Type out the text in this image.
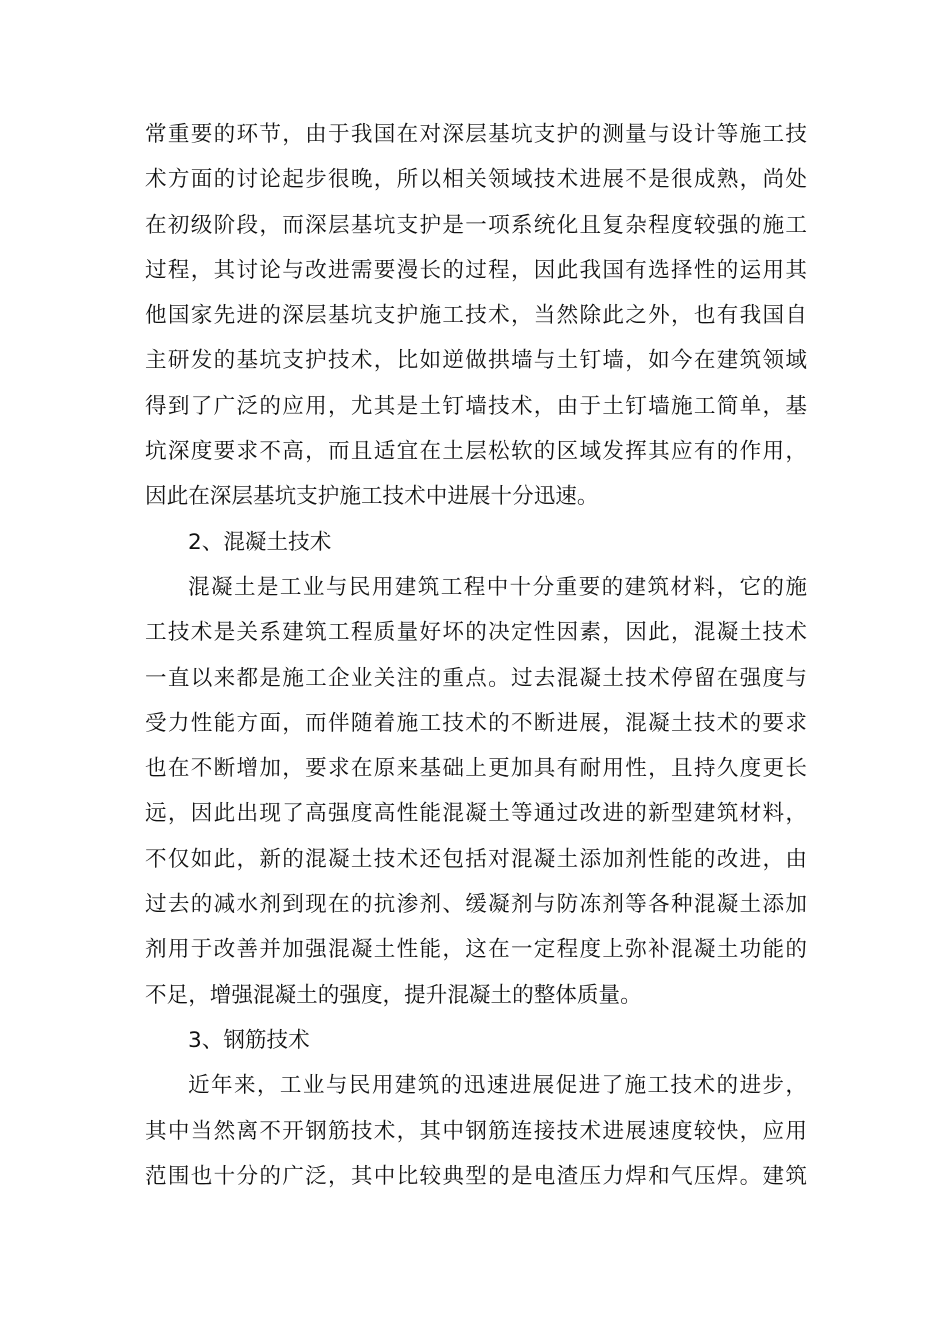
常重要的环节，由于我国在对深层基坑支护的测量与设计等施工技
术方面的讨论起步很晚，所以相关领域技术进展不是很成熟，尚处
在初级阶段，而深层基坑支护是一项系统化且复杂程度较强的施工
过程，其讨论与改进需要漫长的过程，因此我国有选择性的运用其
他国家先进的深层基坑支护施工技术，当然除此之外，也有我国自
主研发的基坑支护技术，比如逆做拱墙与土钉墙，如今在建筑领域
得到了广泛的应用，尤其是土钉墙技术，由于土钉墙施工简单，基
坑深度要求不高，而且适宜在土层松软的区域发挥其应有的作用，
因此在深层基坑支护施工技术中进展十分迅速。
2、混凝土技术
混凝土是工业与民用建筑工程中十分重要的建筑材料，它的施
工技术是关系建筑工程质量好坏的决定性因素，因此，混凝土技术
一直以来都是施工企业关注的重点。过去混凝土技术停留在强度与
受力性能方面，而伴随着施工技术的不断进展，混凝土技术的要求
也在不断增加，要求在原来基础上更加具有耐用性，且持久度更长
远，因此出现了高强度高性能混凝土等通过改进的新型建筑材料，
不仅如此，新的混凝土技术还包括对混凝土添加剂性能的改进，由
过去的减水剂到现在的抗渗剂、缓凝剂与防冻剂等各种混凝土添加
剂用于改善并加强混凝土性能，这在一定程度上弥补混凝土功能的
不足，增强混凝土的强度，提升混凝土的整体质量。
3、钢筋技术
近年来，工业与民用建筑的迅速进展促进了施工技术的进步，
其中当然离不开钢筋技术，其中钢筋连接技术进展速度较快，应用
范围也十分的广泛，其中比较典型的是电渣压力焊和气压焊。建筑
